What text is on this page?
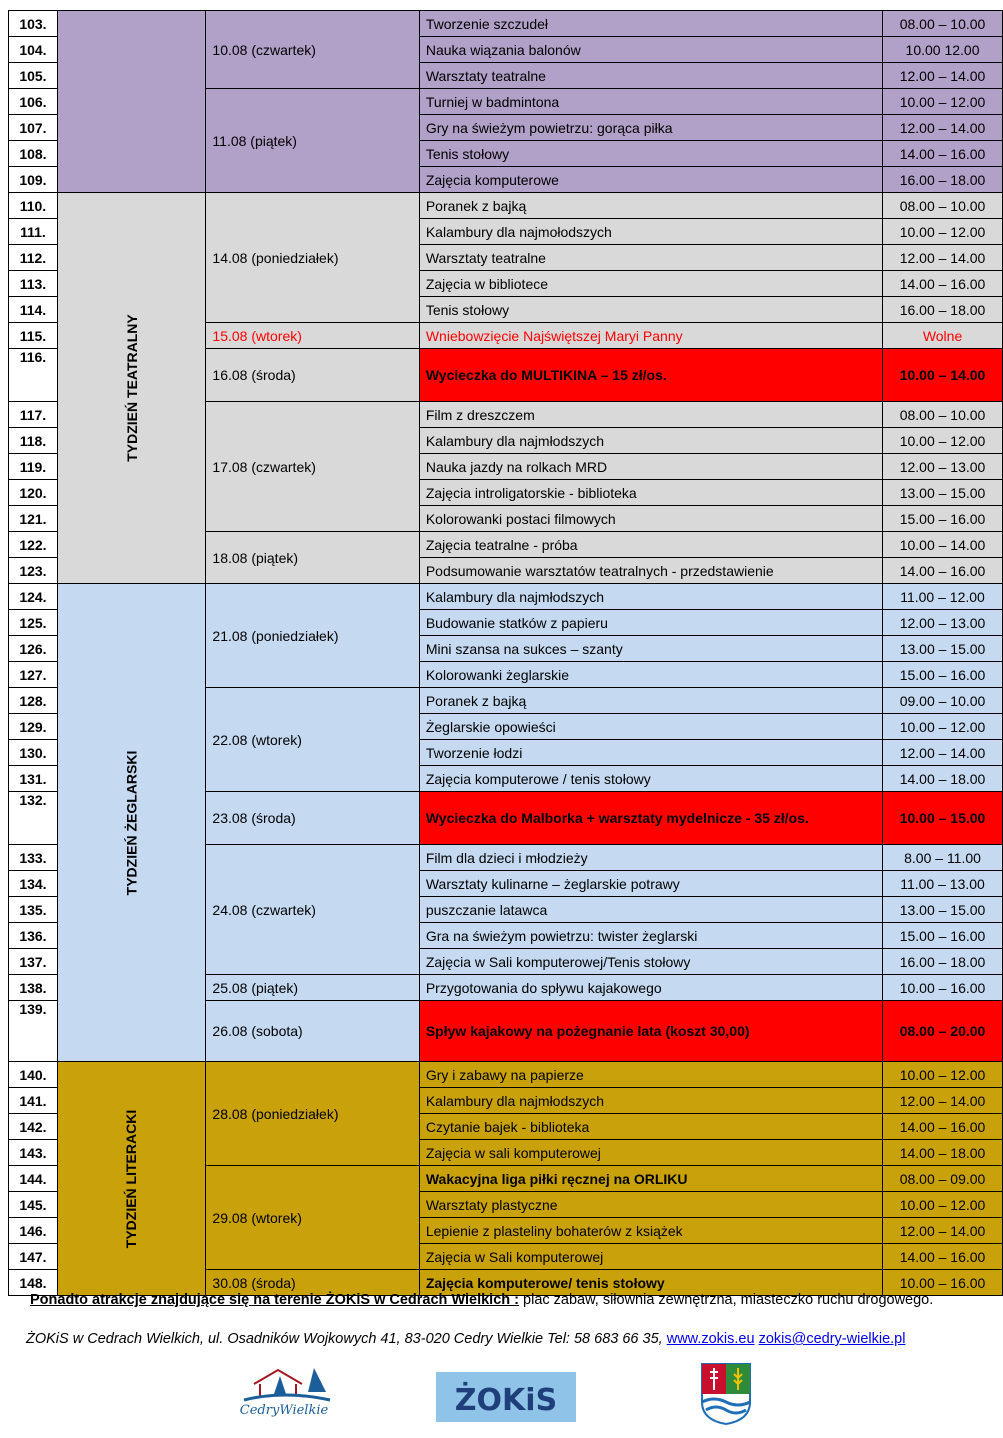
103.		10.08 (czwartek)	Tworzenie szczudeł	08.00 – 10.00
104.			Nauka wiązania balonów	10.00 12.00
105.			Warsztaty teatralne	12.00 – 14.00
106.		11.08 (piątek)	Turniej w badmintona	10.00 – 12.00
107.			Gry na świeżym powietrzu: gorąca piłka	12.00 – 14.00
108.			Tenis stołowy	14.00 – 16.00
109.			Zajęcia komputerowe	16.00 – 18.00
110.	TYDZIEŃ TEATRALNY	14.08 (poniedziałek)	Poranek z bajką	08.00 – 10.00
111.			Kalambury dla najmołodszych	10.00 – 12.00
112.			Warsztaty teatralne	12.00 – 14.00
113.			Zajęcia w bibliotece	14.00 – 16.00
114.			Tenis stołowy	16.00 – 18.00
115.		15.08 (wtorek)	Wniebowzięcie Najświętszej Maryi Panny	Wolne
116.		16.08 (środa)	Wycieczka do MULTIKINA – 15 zł/os.	10.00 – 14.00
117.		17.08 (czwartek)	Film z dreszczem	08.00 – 10.00
118.			Kalambury dla najmłodszych	10.00 – 12.00
119.			Nauka jazdy na rolkach MRD	12.00 – 13.00
120.			Zajęcia introligatorskie - biblioteka	13.00 – 15.00
121.			Kolorowanki postaci filmowych	15.00 – 16.00
122.		18.08 (piątek)	Zajęcia teatralne - próba	10.00 – 14.00
123.			Podsumowanie warsztatów teatralnych - przedstawienie	14.00 – 16.00
124.	TYDZIEŃ ŻEGLARSKI	21.08 (poniedziałek)	Kalambury dla najmłodszych	11.00 – 12.00
125.			Budowanie statków z papieru	12.00 – 13.00
126.			Mini szansa na sukces – szanty	13.00 – 15.00
127.			Kolorowanki żeglarskie	15.00 – 16.00
128.		22.08 (wtorek)	Poranek z bajką	09.00 – 10.00
129.			Żeglarskie opowieści	10.00 – 12.00
130.			Tworzenie łodzi	12.00 – 14.00
131.			Zajęcia komputerowe / tenis stołowy	14.00 – 18.00
132.		23.08 (środa)	Wycieczka do Malborka + warsztaty mydelnicze - 35 zł/os.	10.00 – 15.00
133.		24.08 (czwartek)	Film dla dzieci i młodzieży	8.00 – 11.00
134.			Warsztaty kulinarne – żeglarskie potrawy	11.00 – 13.00
135.			puszczanie latawca	13.00 – 15.00
136.			Gra na świeżym powietrzu: twister żeglarski	15.00 – 16.00
137.			Zajęcia w Sali komputerowej/Tenis stołowy	16.00 – 18.00
138.		25.08 (piątek)	Przygotowania do spływu kajakowego	10.00 – 16.00
139.		26.08 (sobota)	Spływ kajakowy na pożegnanie lata (koszt 30,00)	08.00 – 20.00
140.	TYDZIEŃ LITERACKI	28.08 (poniedziałek)	Gry i zabawy na papierze	10.00 – 12.00
141.			Kalambury dla najmłodszych	12.00 – 14.00
142.			Czytanie bajek - biblioteka	14.00 – 16.00
143.			Zajęcia w sali komputerowej	14.00 – 18.00
144.		29.08 (wtorek)	Wakacyjna liga piłki ręcznej na ORLIKU	08.00 – 09.00
145.			Warsztaty plastyczne	10.00 – 12.00
146.			Lepienie z plasteliny bohaterów z książek	12.00 – 14.00
147.			Zajęcia w Sali komputerowej	14.00 – 16.00
148.		30.08 (środa)	Zajęcia komputerowe/ tenis stołowy	10.00 – 16.00
Ponadto atrakcje znajdujące się na terenie ŻOKiS w Cedrach Wielkich : plac zabaw, siłownia zewnętrzna, miasteczko ruchu drogowego.
ŻOKiS w Cedrach Wielkich, ul. Osadników Wojkowych 41, 83-020 Cedry Wielkie Tel: 58 683 66 35, www.zokis.eu zokis@cedry-wielkie.pl
CedryWielkie	ŻOKiS
